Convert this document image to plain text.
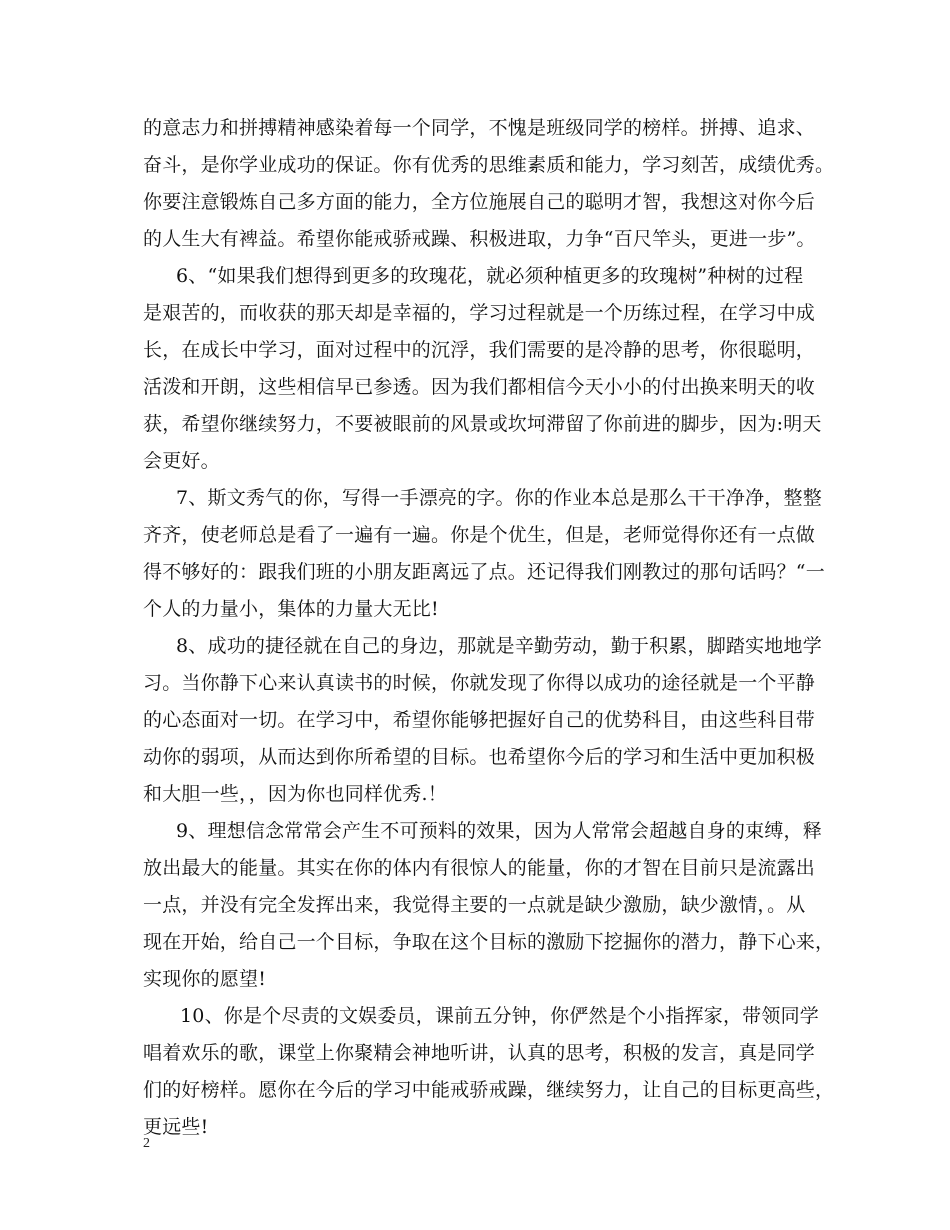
的意志力和拼搏精神感染着每一个同学，不愧是班级同学的榜样。拼搏、追求、
奋斗，是你学业成功的保证。你有优秀的思维素质和能力，学习刻苦，成绩优秀。
你要注意锻炼自己多方面的能力，全方位施展自己的聪明才智，我想这对你今后
的人生大有裨益。希望你能戒骄戒躁、积极进取，力争“百尺竿头，更进一步”。
6、“如果我们想得到更多的玫瑰花，就必须种植更多的玫瑰树”种树的过程
是艰苦的，而收获的那天却是幸福的，学习过程就是一个历练过程，在学习中成
长，在成长中学习，面对过程中的沉浮，我们需要的是冷静的思考，你很聪明，
活泼和开朗，这些相信早已参透。因为我们都相信今天小小的付出换来明天的收
获，希望你继续努力，不要被眼前的风景或坎坷滞留了你前进的脚步，因为:明天
会更好。
7、斯文秀气的你，写得一手漂亮的字。你的作业本总是那么干干净净，整整
齐齐，使老师总是看了一遍有一遍。你是个优生，但是，老师觉得你还有一点做
得不够好的：跟我们班的小朋友距离远了点。还记得我们刚教过的那句话吗？“一
个人的力量小，集体的力量大无比!
8、成功的捷径就在自己的身边，那就是辛勤劳动，勤于积累，脚踏实地地学
习。当你静下心来认真读书的时候，你就发现了你得以成功的途径就是一个平静
的心态面对一切。在学习中，希望你能够把握好自己的优势科目，由这些科目带
动你的弱项，从而达到你所希望的目标。也希望你今后的学习和生活中更加积极
和大胆一些，，因为你也同样优秀.！
9、理想信念常常会产生不可预料的效果，因为人常常会超越自身的束缚，释
放出最大的能量。其实在你的体内有很惊人的能量，你的才智在目前只是流露出
一点，并没有完全发挥出来，我觉得主要的一点就是缺少激励，缺少激情，。从
现在开始，给自己一个目标，争取在这个目标的激励下挖掘你的潜力，静下心来，
实现你的愿望!
10、你是个尽责的文娱委员，课前五分钟，你俨然是个小指挥家，带领同学
唱着欢乐的歌，课堂上你聚精会神地听讲，认真的思考，积极的发言，真是同学
们的好榜样。愿你在今后的学习中能戒骄戒躁，继续努力，让自己的目标更高些，
更远些!
2
